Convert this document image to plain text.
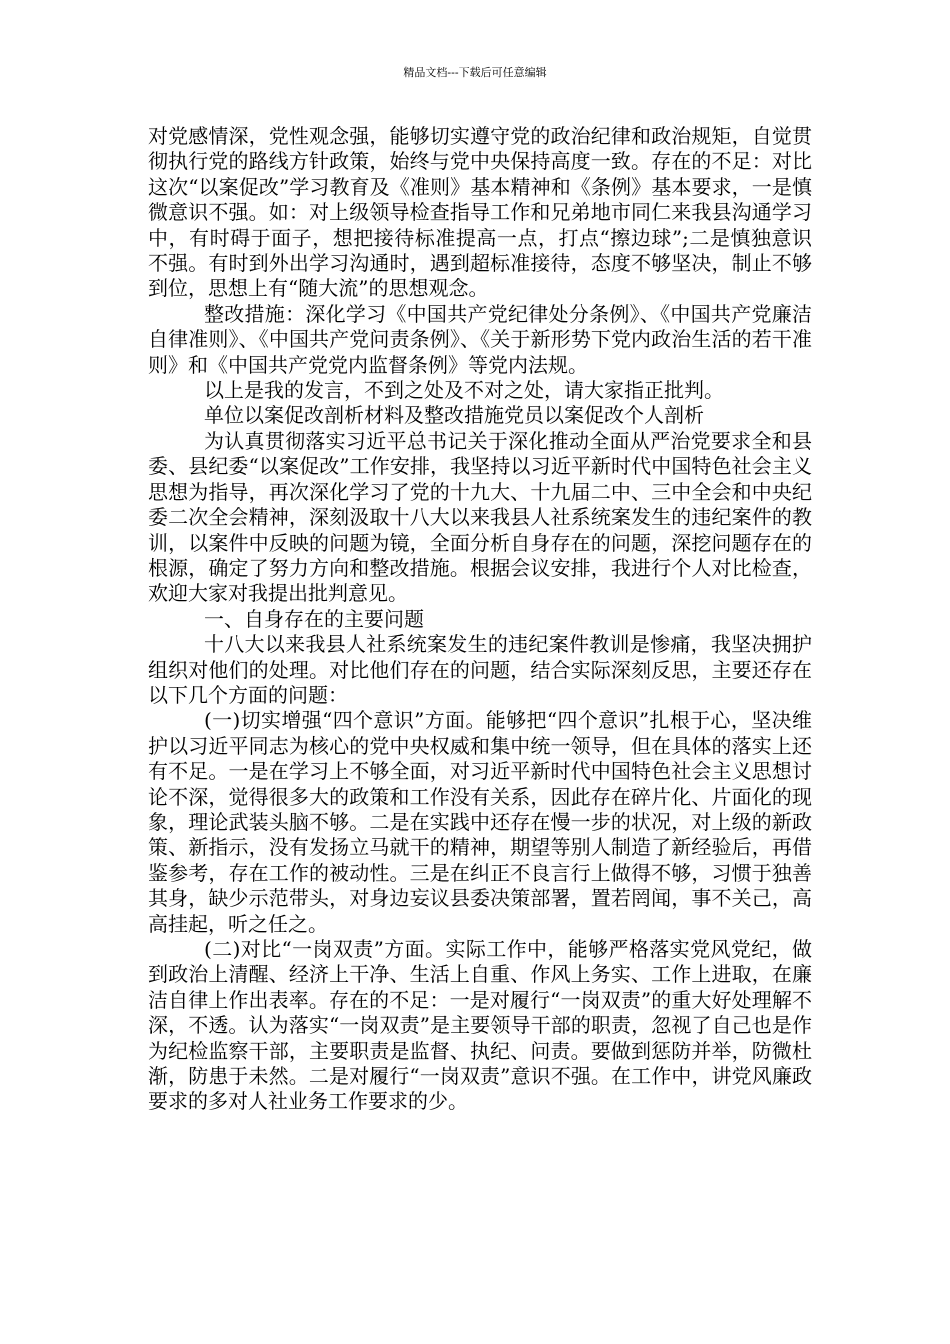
精品文档---下载后可任意编辑

对党感情深，党性观念强，能够切实遵守党的政治纪律和政治规矩，自觉贯彻执行党的路线方针政策，始终与党中央保持高度一致。存在的不足：对比这次“以案促改”学习教育及《准则》基本精神和《条例》基本要求，一是慎微意识不强。如：对上级领导检查指导工作和兄弟地市同仁来我县沟通学习中，有时碍于面子，想把接待标准提高一点，打点“擦边球”;二是慎独意识不强。有时到外出学习沟通时，遇到超标准接待，态度不够坚决，制止不够到位，思想上有“随大流”的思想观念。

整改措施：深化学习《中国共产党纪律处分条例》、《中国共产党廉洁自律准则》、《中国共产党问责条例》、《关于新形势下党内政治生活的若干准则》和《中国共产党党内监督条例》等党内法规。

以上是我的发言，不到之处及不对之处，请大家指正批判。

单位以案促改剖析材料及整改措施党员以案促改个人剖析

为认真贯彻落实习近平总书记关于深化推动全面从严治党要求全和县委、县纪委“以案促改”工作安排，我坚持以习近平新时代中国特色社会主义思想为指导，再次深化学习了党的十九大、十九届二中、三中全会和中央纪委二次全会精神，深刻汲取十八大以来我县人社系统案发生的违纪案件的教训，以案件中反映的问题为镜，全面分析自身存在的问题，深挖问题存在的根源，确定了努力方向和整改措施。根据会议安排，我进行个人对比检查，欢迎大家对我提出批判意见。

一、自身存在的主要问题

十八大以来我县人社系统案发生的违纪案件教训是惨痛，我坚决拥护组织对他们的处理。对比他们存在的问题，结合实际深刻反思，主要还存在以下几个方面的问题：

(一)切实增强“四个意识”方面。能够把“四个意识”扎根于心，坚决维护以习近平同志为核心的党中央权威和集中统一领导，但在具体的落实上还有不足。一是在学习上不够全面，对习近平新时代中国特色社会主义思想讨论不深，觉得很多大的政策和工作没有关系，因此存在碎片化、片面化的现象，理论武装头脑不够。二是在实践中还存在慢一步的状况，对上级的新政策、新指示，没有发扬立马就干的精神，期望等别人制造了新经验后，再借鉴参考，存在工作的被动性。三是在纠正不良言行上做得不够，习惯于独善其身，缺少示范带头，对身边妄议县委决策部署，置若罔闻，事不关己，高高挂起，听之任之。

(二)对比“一岗双责”方面。实际工作中，能够严格落实党风党纪，做到政治上清醒、经济上干净、生活上自重、作风上务实、工作上进取，在廉洁自律上作出表率。存在的不足：一是对履行“一岗双责”的重大好处理解不深，不透。认为落实“一岗双责”是主要领导干部的职责，忽视了自己也是作为纪检监察干部，主要职责是监督、执纪、问责。要做到惩防并举，防微杜渐，防患于未然。二是对履行“一岗双责”意识不强。在工作中，讲党风廉政要求的多对人社业务工作要求的少。
